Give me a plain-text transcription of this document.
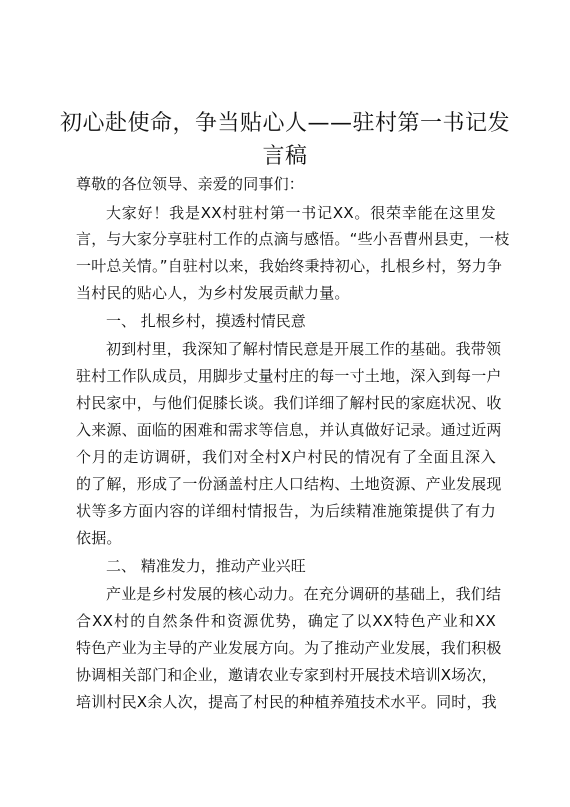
初心赴使命，争当贴心人——驻村第一书记发
言稿
尊敬的各位领导、亲爱的同事们：
大家好！我是XX村驻村第一书记XX。很荣幸能在这里发
言，与大家分享驻村工作的点滴与感悟。“些小吾曹州县吏，一枝
一叶总关情。”自驻村以来，我始终秉持初心，扎根乡村，努力争
当村民的贴心人，为乡村发展贡献力量。
一、 扎根乡村，摸透村情民意
初到村里，我深知了解村情民意是开展工作的基础。我带领
驻村工作队成员，用脚步丈量村庄的每一寸土地，深入到每一户
村民家中，与他们促膝长谈。我们详细了解村民的家庭状况、收
入来源、面临的困难和需求等信息，并认真做好记录。通过近两
个月的走访调研，我们对全村X户村民的情况有了全面且深入
的了解，形成了一份涵盖村庄人口结构、土地资源、产业发展现
状等多方面内容的详细村情报告，为后续精准施策提供了有力
依据。
二、 精准发力，推动产业兴旺
产业是乡村发展的核心动力。在充分调研的基础上，我们结
合XX村的自然条件和资源优势，确定了以XX特色产业和XX
特色产业为主导的产业发展方向。为了推动产业发展，我们积极
协调相关部门和企业，邀请农业专家到村开展技术培训X场次，
培训村民X余人次，提高了村民的种植养殖技术水平。同时，我
